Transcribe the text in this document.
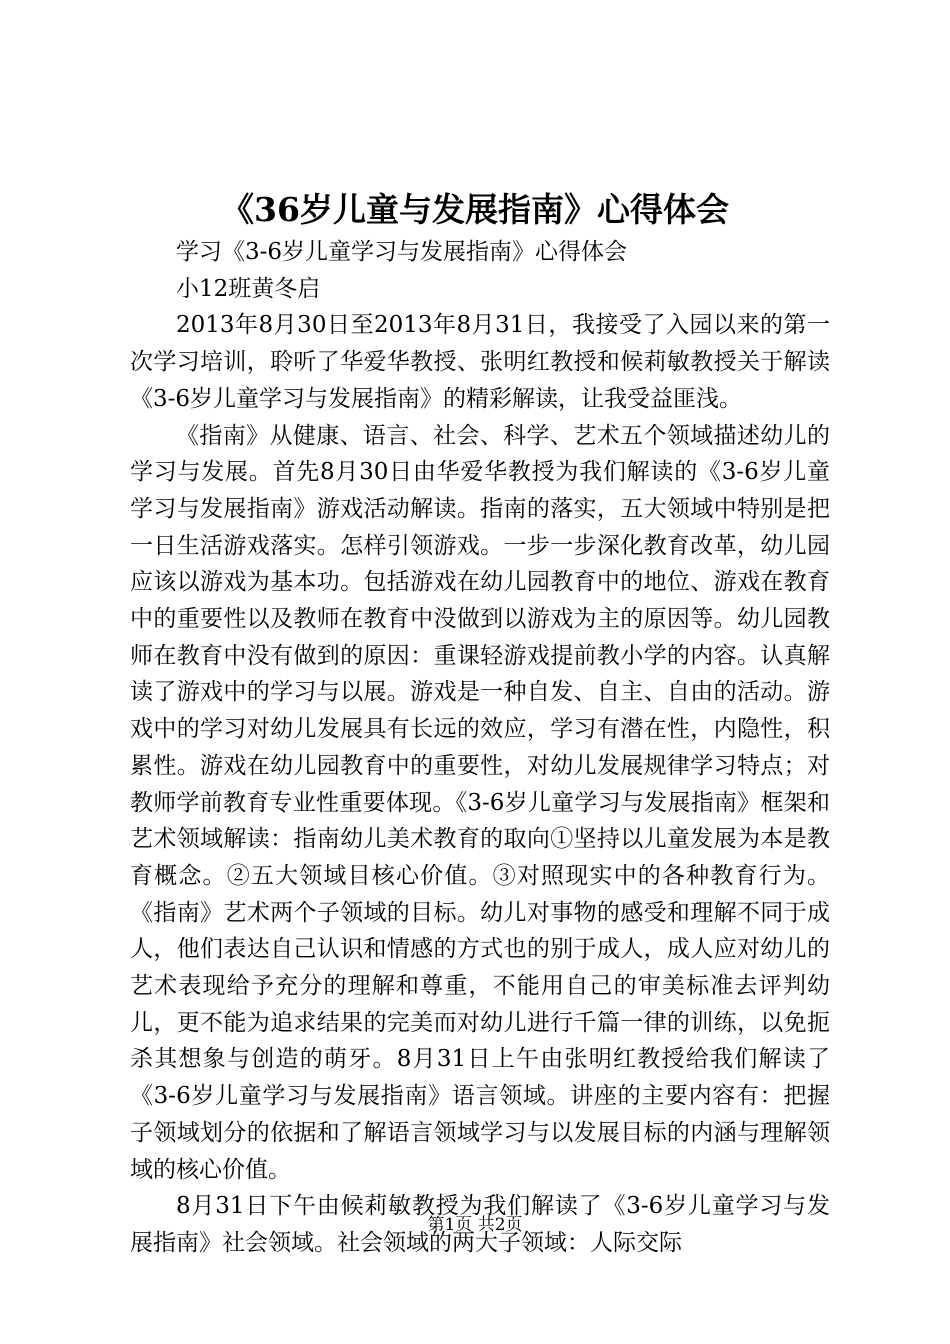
《36岁儿童与发展指南》心得体会

学习《3-6岁儿童学习与发展指南》心得体会

小12班黄冬启

2013年8月30日至2013年8月31日，我接受了入园以来的第一次学习培训，聆听了华爱华教授、张明红教授和候莉敏教授关于解读《3-6岁儿童学习与发展指南》的精彩解读，让我受益匪浅。

《指南》从健康、语言、社会、科学、艺术五个领域描述幼儿的学习与发展。首先8月30日由华爱华教授为我们解读的《3-6岁儿童学习与发展指南》游戏活动解读。指南的落实，五大领域中特别是把一日生活游戏落实。怎样引领游戏。一步一步深化教育改革，幼儿园应该以游戏为基本功。包括游戏在幼儿园教育中的地位、游戏在教育中的重要性以及教师在教育中没做到以游戏为主的原因等。幼儿园教师在教育中没有做到的原因：重课轻游戏提前教小学的内容。认真解读了游戏中的学习与以展。游戏是一种自发、自主、自由的活动。游戏中的学习对幼儿发展具有长远的效应，学习有潜在性，内隐性，积累性。游戏在幼儿园教育中的重要性，对幼儿发展规律学习特点；对教师学前教育专业性重要体现。《3-6岁儿童学习与发展指南》框架和艺术领域解读：指南幼儿美术教育的取向①坚持以儿童发展为本是教育概念。②五大领域目核心价值。③对照现实中的各种教育行为。《指南》艺术两个子领域的目标。幼儿对事物的感受和理解不同于成人，他们表达自己认识和情感的方式也的别于成人，成人应对幼儿的艺术表现给予充分的理解和尊重，不能用自己的审美标准去评判幼儿，更不能为追求结果的完美而对幼儿进行千篇一律的训练，以免扼杀其想象与创造的萌牙。8月31日上午由张明红教授给我们解读了《3-6岁儿童学习与发展指南》语言领域。讲座的主要内容有：把握子领域划分的依据和了解语言领域学习与以发展目标的内涵与理解领域的核心价值。

8月31日下午由候莉敏教授为我们解读了《3-6岁儿童学习与发展指南》社会领域。社会领域的两大子领域：人际交际

第1页 共2页
